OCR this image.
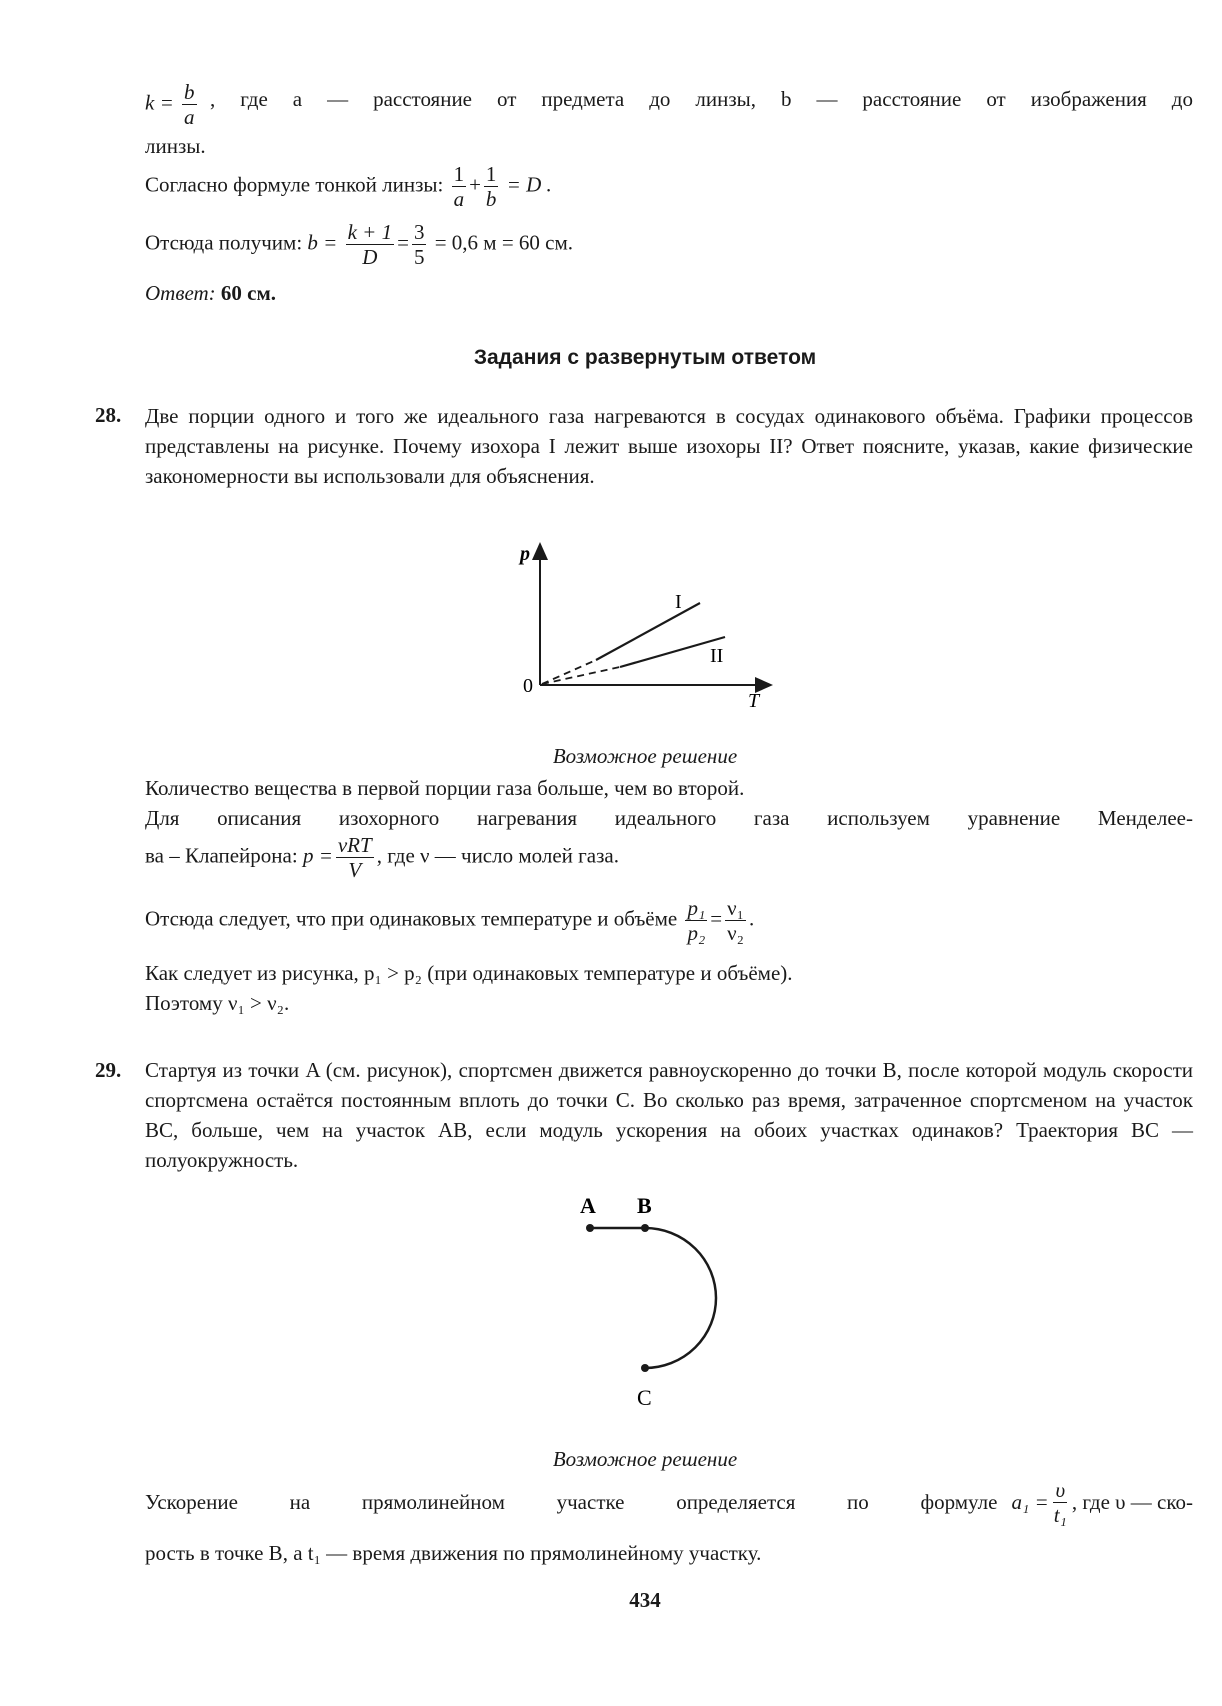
$k = \frac{b}{a}$ , где a — расстояние от предмета до линзы, b — расстояние от изображения до
линзы.
Согласно формуле тонкой линзы: $\frac{1}{a} + \frac{1}{b} = D$ .
Отсюда получим: $b = \frac{k + 1}{D} = \frac{3}{5} = 0,6$ м = 60 см.
Ответ: 60 см.
Задания с развернутым ответом
28. Две порции одного и того же идеального газа нагреваются в сосудах одинакового объёма. Графики процессов представлены на рисунке. Почему изохора I лежит выше изохоры II? Ответ поясните, указав, какие физические закономерности вы использовали для объяснения.
p
T
0
I
II
Возможное решение
Количество вещества в первой порции газа больше, чем во второй.
Для описания изохорного нагревания идеального газа используем уравнение Менделее-
ва – Клапейрона: $p = \frac{\text{νRT}}{V}$ , где ν — число молей газа.
Отсюда следует, что при одинаковых температуре и объёме $\frac{\text{p₁}}{\text{p₂}} = \frac{\text{ν₁}}{\text{ν₂}}$ .
Как следует из рисунка, p₁ > p₂ (при одинаковых температуре и объёме).
Поэтому ν₁ > ν₂.
29. Стартуя из точки A (см. рисунок), спортсмен движется равноускоренно до точки B, после которой модуль скорости спортсмена остаётся постоянным вплоть до точки C. Во сколько раз время, затраченное спортсменом на участок BC, больше, чем на участок AB, если модуль ускорения на обоих участках одинаков? Траектория BC — полуокружность.
A B
C
Возможное решение
Ускорение на прямолинейном участке определяется по формуле $a_1 = \frac{\upsilon}{\text{t₁}}$ , где υ — ско-
рость в точке B, а t₁ — время движения по прямолинейному участку.
434
